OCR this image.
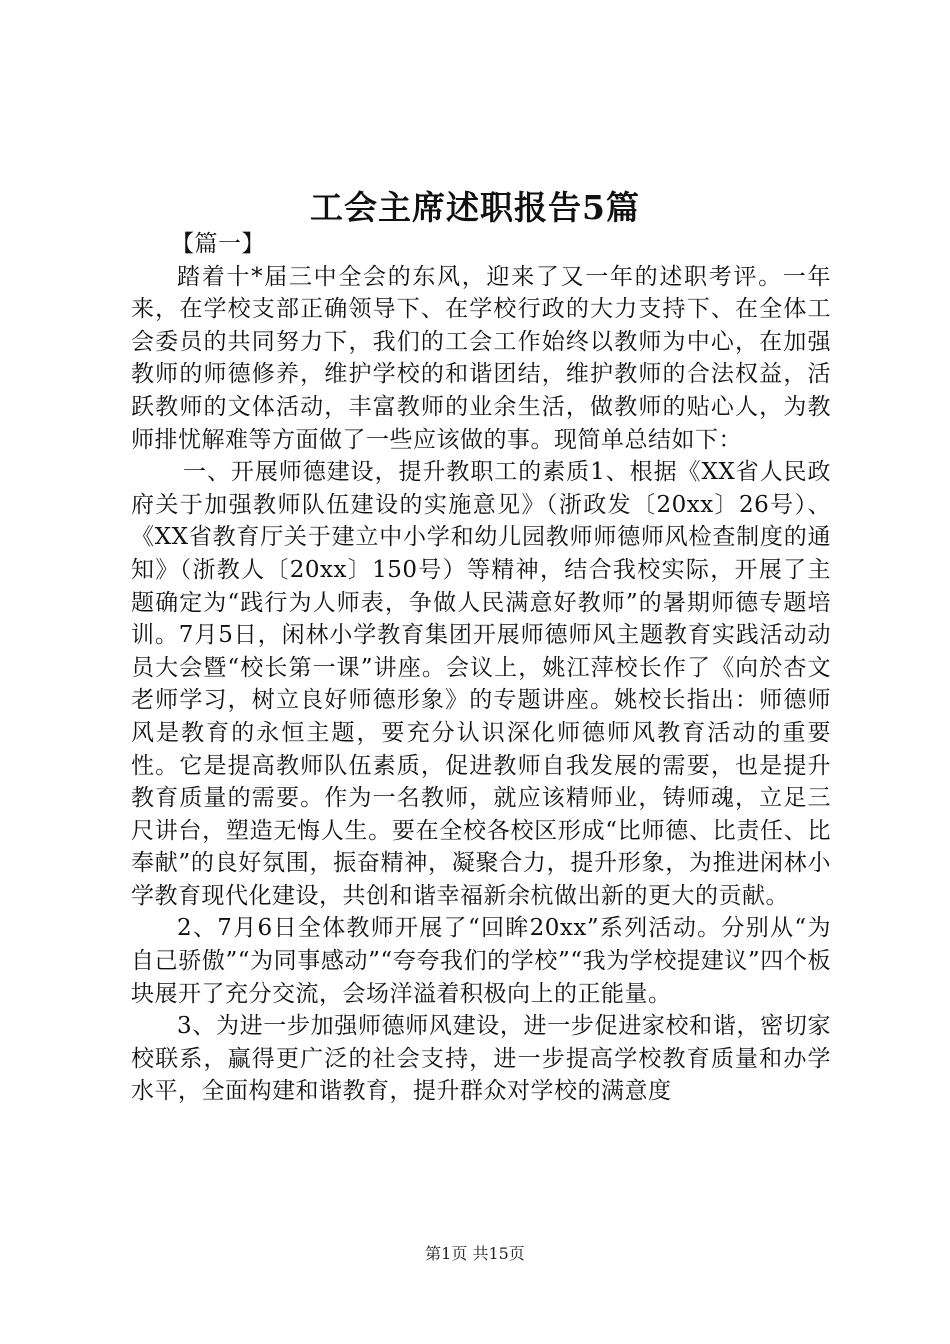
工会主席述职报告5篇

【篇一】

踏着十*届三中全会的东风，迎来了又一年的述职考评。一年来，在学校支部正确领导下、在学校行政的大力支持下、在全体工会委员的共同努力下，我们的工会工作始终以教师为中心，在加强教师的师德修养，维护学校的和谐团结，维护教师的合法权益，活跃教师的文体活动，丰富教师的业余生活，做教师的贴心人，为教师排忧解难等方面做了一些应该做的事。现简单总结如下：

一、开展师德建设，提升教职工的素质1、根据《XX省人民政府关于加强教师队伍建设的实施意见》（浙政发〔20xx〕26号）、《XX省教育厅关于建立中小学和幼儿园教师师德师风检查制度的通知》（浙教人〔20xx〕150号）等精神，结合我校实际，开展了主题确定为“践行为人师表，争做人民满意好教师”的暑期师德专题培训。7月5日，闲林小学教育集团开展师德师风主题教育实践活动动员大会暨“校长第一课”讲座。会议上，姚江萍校长作了《向於杏文老师学习，树立良好师德形象》的专题讲座。姚校长指出：师德师风是教育的永恒主题，要充分认识深化师德师风教育活动的重要性。它是提高教师队伍素质，促进教师自我发展的需要，也是提升教育质量的需要。作为一名教师，就应该精师业，铸师魂，立足三尺讲台，塑造无悔人生。要在全校各校区形成“比师德、比责任、比奉献”的良好氛围，振奋精神，凝聚合力，提升形象，为推进闲林小学教育现代化建设，共创和谐幸福新余杭做出新的更大的贡献。

2、7月6日全体教师开展了“回眸20xx”系列活动。分别从“为自己骄傲”“为同事感动”“夸夸我们的学校”“我为学校提建议”四个板块展开了充分交流，会场洋溢着积极向上的正能量。

3、为进一步加强师德师风建设，进一步促进家校和谐，密切家校联系，赢得更广泛的社会支持，进一步提高学校教育质量和办学水平，全面构建和谐教育，提升群众对学校的满意度

第1页 共15页
